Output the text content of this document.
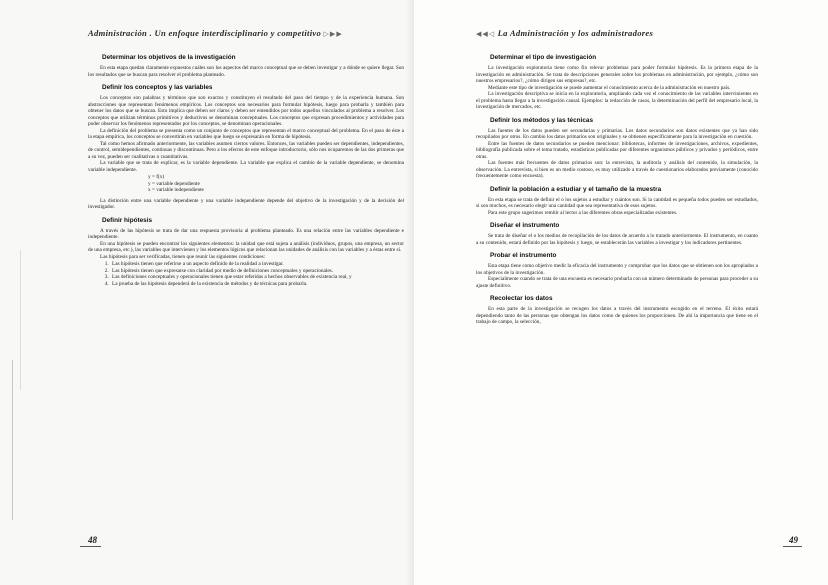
Administración . Un enfoque interdisciplinario y competitivo ▷▶▶
Determinar los objetivos de la investigación

En esta etapa quedan claramente expuestos cuáles son los aspectos del marco conceptual que se deben investigar y a dónde se quiere llegar. Son los resultados que se buscan para resolver el problema planteado.

Definir los conceptos y las variables

Los conceptos son palabras y términos que son exactos y constituyen el resultado del paso del tiempo y de la experiencia humana. Son abstracciones que representan fenómenos empíricos. Los conceptos son necesarios para formular hipótesis, luego para probarla y también para obtener los datos que se buscan. Esto implica que deben ser claros y deben ser entendidos por todos aquellos vinculados al problema a resolver. Los conceptos que utilizan términos primitivos y deductivos se denominan conceptuales. Los conceptos que expresan procedimientos y actividades para poder observar los fenómenos representados por los conceptos, se denominan operacionales.

La definición del problema se presenta como un conjunto de conceptos que representan el marco conceptual del problema. En el paso de éste a la etapa empírica, los conceptos se convertirán en variables que luego se expresarán en forma de hipótesis.

Tal como hemos afirmado anteriormente, las variables asumen ciertos valores. Entonces, las variables pueden ser dependientes, independientes, de control, semidependientes, continuas y discontinuas. Pero a los efectos de este enfoque introductorio, sólo nos ocuparemos de las dos primeras que a su vez, pueden ser cualitativas o cuantitativas.

La variable que se trata de explicar, es la variable dependiente. La variable que explica el cambio de la variable dependiente, se denomina variable independiente.

y = f(x)
y = variable dependiente
x = variable independiente

La distinción entre una variable dependiente y una variable independiente depende del objetivo de la investigación y de la decisión del investigador.

Definir hipótesis

A través de las hipótesis se trata de dar una respuesta provisoria al problema planteado. Es una relación entre las variables dependiente e independiente.

En una hipótesis se pueden encontrar los siguientes elementos: la unidad que está sujeta a análisis (individuos, grupos, una empresa, un sector de una empresa, etc.), las variables que intervienen y los elementos lógicos que relacionan las unidades de análisis con las variables y a éstas entre sí.

Las hipótesis para ser verificadas, tienen que reunir las siguientes condiciones:

1. Las hipótesis tienen que referirse a un aspecto definido de la realidad a investigar.
2. Las hipótesis tienen que expresarse con claridad por medio de definiciones conceptuales y operacionales.
3. Las definiciones conceptuales y operacionales tienen que estar referidas a hechos observables de existencia real, y
4. La prueba de las hipótesis dependerá de la existencia de métodos y de técnicas para probarla.
48
◀◀◁ La Administración y los administradores
Determinar el tipo de investigación

La investigación exploratoria tiene como fin relevar problemas para poder formular hipótesis. Es la primera etapa de la investigación en administración. Se trata de descripciones generales sobre los problemas en administración, por ejemplo, ¿cómo son nuestros empresarios?, ¿cómo dirigen sus empresas?, etc.

Mediante este tipo de investigación se puede aumentar el conocimiento acerca de la administración en nuestro país.

La investigación descriptiva se inicia en la exploratoria, ampliando cada vez el conocimiento de las variables intervinientes en el problema hasta llegar a la investigación causal. Ejemplos: la redacción de casos, la determinación del perfil del empresario local, la investigación de mercados, etc.

Definir los métodos y las técnicas

Las fuentes de los datos pueden ser secundarias y primarias. Los datos secundarios son datos existentes que ya han sido recopilados por otros. En cambio los datos primarios son originales y se obtienen específicamente para la investigación en cuestión.

Entre las fuentes de datos secundarios se pueden mencionar: bibliotecas, informes de investigaciones, archivos, expedientes, bibliografía publicada sobre el tema tratado, estadísticas publicadas por diferentes organismos públicos y privados y periódicos, entre otras.

Las fuentes más frecuentes de datos primarios son: la entrevista, la auditoría y análisis del contenido, la simulación, la observación. La entrevista, si bien es un medio costoso, es muy utilizado a través de cuestionarios elaborados previamente (conocido frecuentemente como encuesta).

Definir la población a estudiar y el tamaño de la muestra

En esta etapa se trata de definir el o los sujetos a estudiar y cuántos son. Si la cantidad es pequeña todos pueden ser estudiados, si son muchos, es necesario elegir una cantidad que sea representativa de esos sujetos.

Para este grupo sugerimos remitir al lector a las diferentes obras especializadas existentes.

Diseñar el instrumento

Se trata de diseñar el o los medios de recopilación de los datos de acuerdo a lo tratado anteriormente. El instrumento, en cuanto a su contenido, estará definido por las hipótesis y luego, se establecerán las variables a investigar y los indicadores pertinentes.

Probar el instrumento

Esta etapa tiene como objetivo medir la eficacia del instrumento y comprobar que los datos que se obtienen son los apropiados a los objetivos de la investigación.

Especialmente cuando se trata de una encuesta es necesario probarla con un número determinado de personas para proceder a su ajuste definitivo.

Recolectar los datos

En esta parte de la investigación se recogen los datos a través del instrumento escogido en el terreno. El éxito estará dependiendo tanto de las personas que obtengan los datos como de quienes los proporcionen. De ahí la importancia que tiene en el trabajo de campo, la selección,

49
